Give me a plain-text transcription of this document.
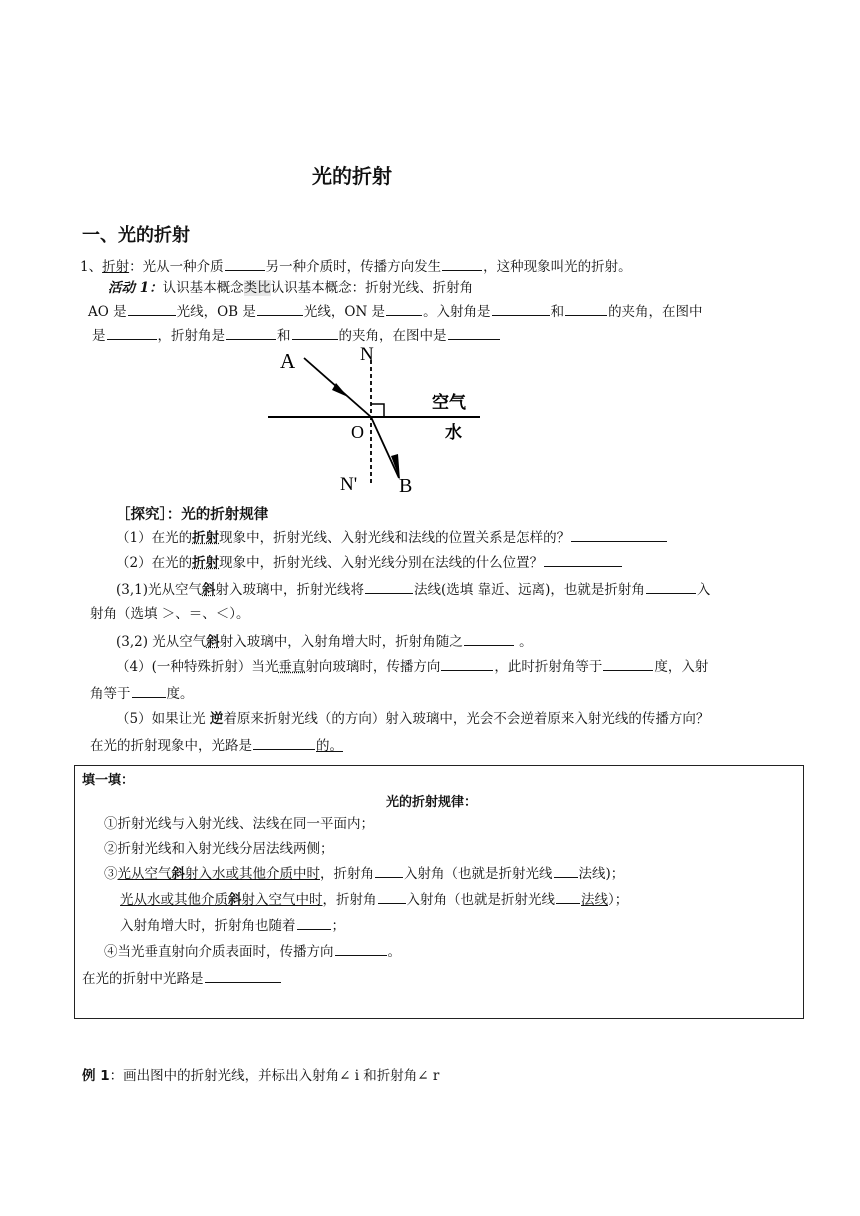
光的折射
一、光的折射
1、折射：光从一种介质	另一种介质时，传播方向发生	，这种现象叫光的折射。
活动 1：认识基本概念类比认识基本概念：折射光线、折射角
AO 是	光线，OB 是	光线，ON 是	。入射角是	和	的夹角，在图中
是	，折射角是	和	的夹角，在图中是
A	N
O
N' B
空气
水
［探究］：光的折射规律
（1）在光的折射现象中，折射光线、入射光线和法线的位置关系是怎样的？
（2）在光的折射现象中，折射光线、入射光线分别在法线的什么位置？
(3,1)光从空气斜射入玻璃中，折射光线将	法线(选填 靠近、远离)，也就是折射角	入
射角（选填 ＞、＝、＜）。
(3,2) 光从空气斜射入玻璃中，入射角增大时，折射角随之	。
（4）(一种特殊折射）当光垂直射向玻璃时，传播方向	，此时折射角等于	度，入射
角等于	度。
（5）如果让光 逆着原来折射光线（的方向）射入玻璃中，光会不会逆着原来入射光线的传播方向？
在光的折射现象中，光路是	的。
填一填：
光的折射规律：
①折射光线与入射光线、法线在同一平面内；
②折射光线和入射光线分居法线两侧；
③光从空气斜射入水或其他介质中时，折射角 入射角（也就是折射光线 法线)；
光从水或其他介质斜射入空气中时，折射角 入射角（也就是折射光线 法线）；
入射角增大时，折射角也随着	；
④当光垂直射向介质表面时，传播方向	。
在光的折射中光路是
例 1：画出图中的折射光线，并标出入射角∠ i 和折射角∠ r
